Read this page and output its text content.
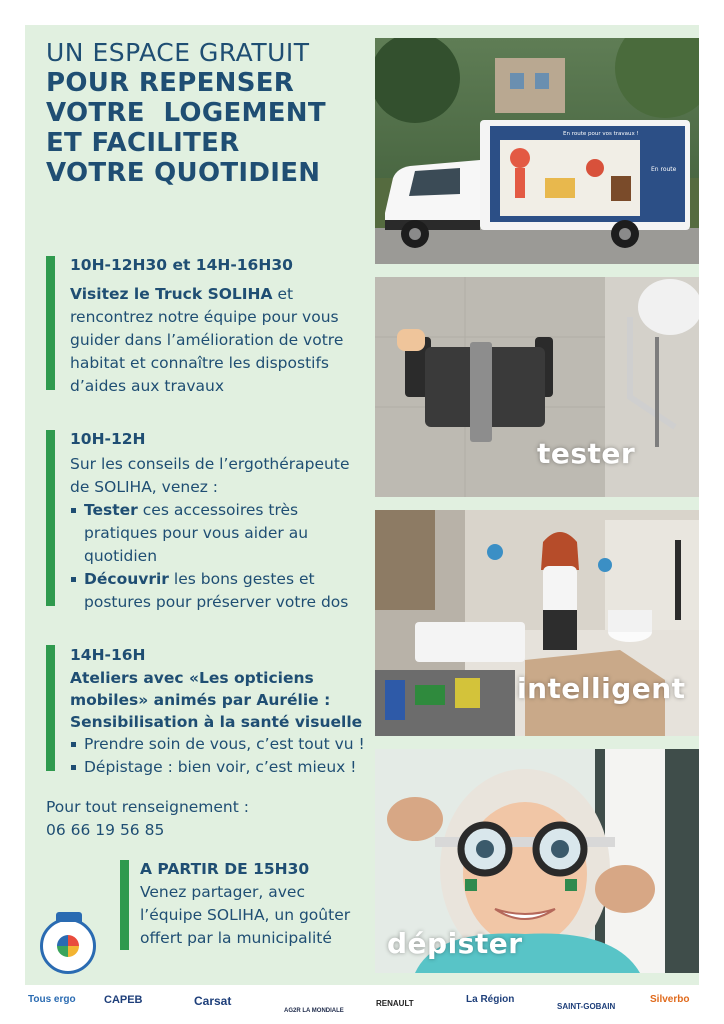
UN ESPACE GRATUIT
POUR REPENSER
VOTRE  LOGEMENT
ET FACILITER
VOTRE QUOTIDIEN
10H-12H30 et 14H-16H30
Visitez le Truck SOLIHA et rencontrez notre équipe pour vous guider dans l’amélioration de votre habitat et connaître les dispostifs d’aides aux travaux
10H-12H
Sur les conseils de l’ergothérapeute de SOLIHA, venez :
Tester ces accessoires très pratiques pour vous aider au quotidien
Découvrir les bons gestes et postures pour préserver votre dos
14H-16H
Ateliers avec «Les opticiens mobiles» animés par Aurélie : Sensibilisation à la santé visuelle
Prendre soin de vous, c’est tout vu !
Dépistage : bien voir, c’est mieux !
Pour tout renseignement :
06 66 19 56 85
A PARTIR DE 15H30
Venez partager, avec l’équipe SOLIHA, un goûter offert par la municipalité
En route pour vos travaux !
En route
tester
intelligent
dépister
Tous ergo	CAPEB	Carsat
AG2R LA MONDIALE
RENAULT	La Région
SAINT-GOBAIN
Silverbo
